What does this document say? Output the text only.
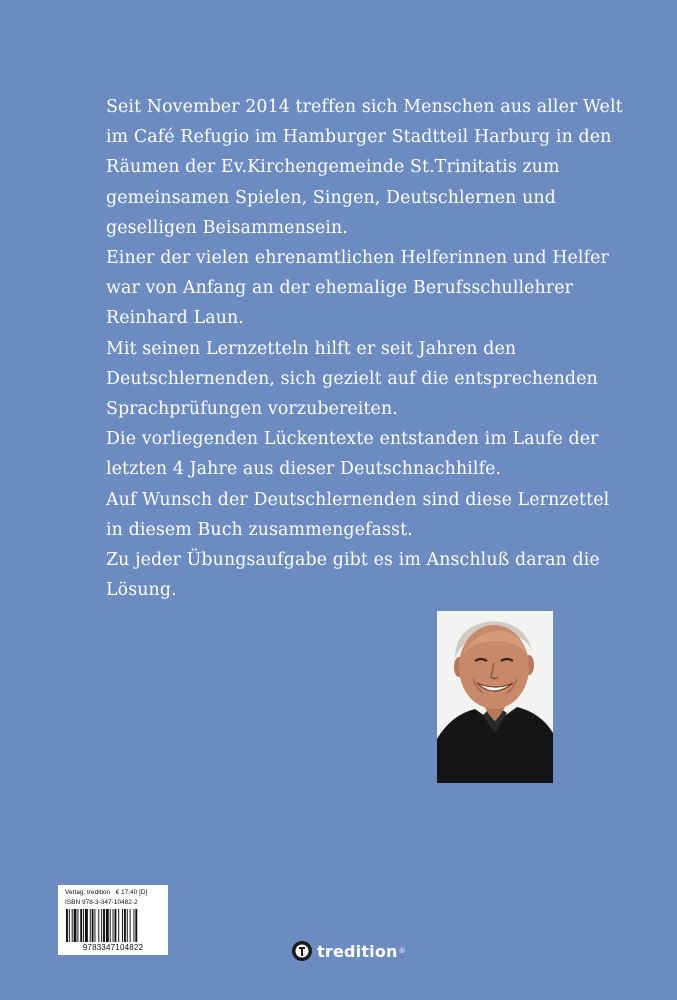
Seit November 2014 treffen sich Menschen aus aller Welt im Café Refugio im Hamburger Stadtteil Harburg in den Räumen der Ev.Kirchengemeinde St.Trinitatis zum gemeinsamen Spielen, Singen, Deutschlernen und geselligen Beisammensein.

Einer der vielen ehrenamtlichen Helferinnen und Helfer war von Anfang an der ehemalige Berufsschullehrer Reinhard Laun.

Mit seinen Lernzetteln hilft er seit Jahren den Deutschlernenden, sich gezielt auf die entsprechenden Sprachprüfungen vorzubereiten.

Die vorliegenden Lückentexte entstanden im Laufe der letzten 4 Jahre aus dieser Deutschnachhilfe.

Auf Wunsch der Deutschlernenden sind diese Lernzettel in diesem Buch zusammengefasst.

Zu jeder Übungsaufgabe gibt es im Anschluß daran die Lösung.

Verlag: tredition € 17,40 [D]
ISBN 978-3-347-10482-2
9783347104822	tredition ®
